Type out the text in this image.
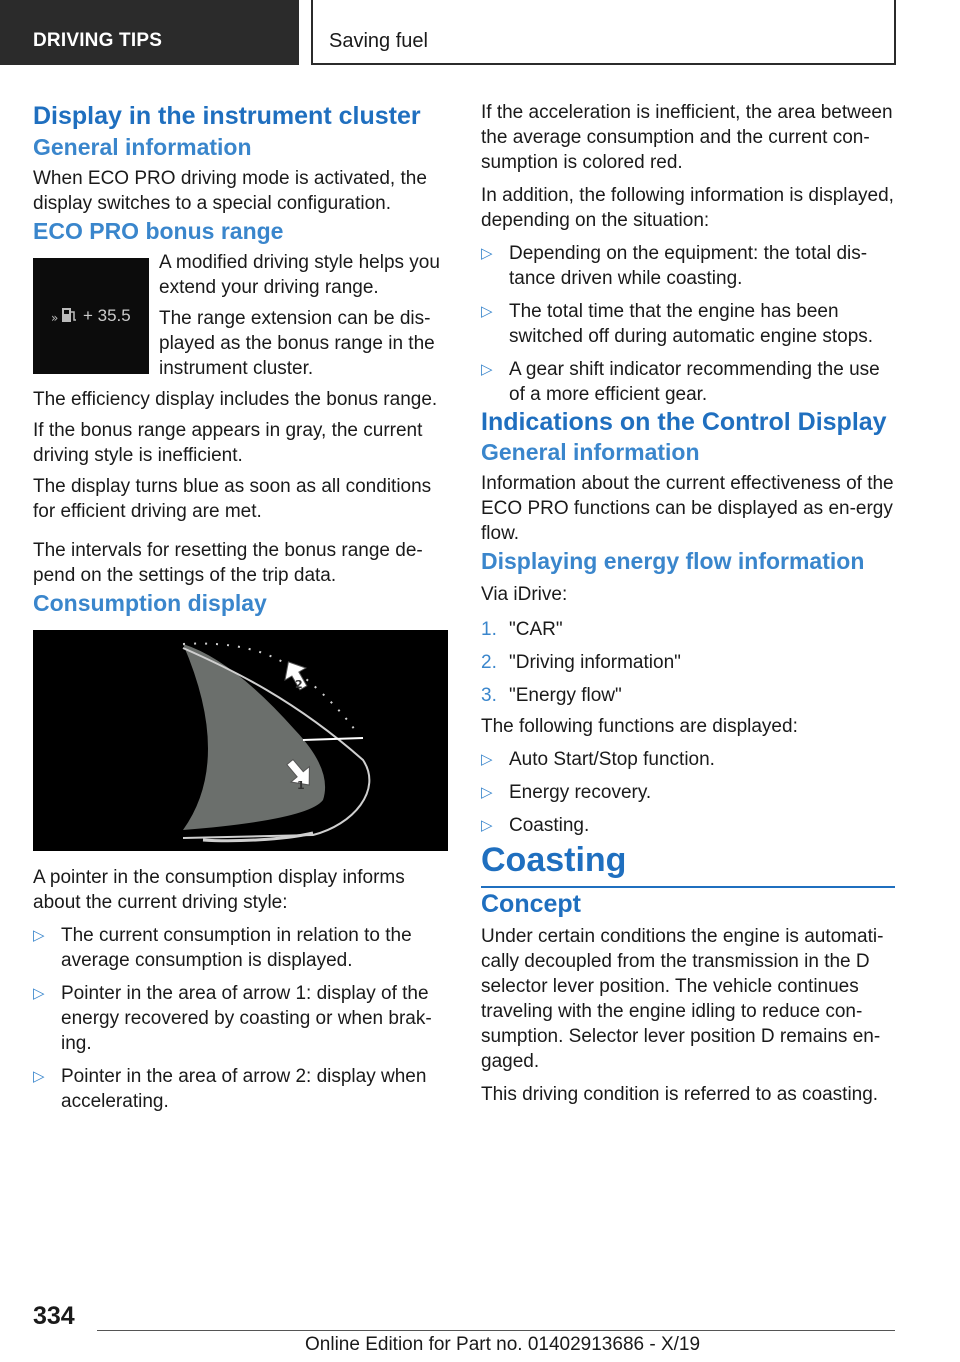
DRIVING TIPS	Saving fuel
Display in the instrument cluster
General information

When ECO PRO driving mode is activated, the display switches to a special configuration.

ECO PRO bonus range
» + 35.5

A modified driving style helps you extend your driving range.

The range extension can be dis-played as the bonus range in the instrument cluster.

The efficiency display includes the bonus range.

If the bonus range appears in gray, the current driving style is inefficient.

The display turns blue as soon as all conditions for efficient driving are met.

The intervals for resetting the bonus range de-pend on the settings of the trip data.

Consumption display
2
1

A pointer in the consumption display informs about the current driving style:

▷ The current consumption in relation to the average consumption is displayed.
▷ Pointer in the area of arrow 1: display of the energy recovered by coasting or when brak-ing.
▷ Pointer in the area of arrow 2: display when accelerating.

If the acceleration is inefficient, the area between the average consumption and the current con-sumption is colored red.

In addition, the following information is displayed, depending on the situation:

▷ Depending on the equipment: the total dis-tance driven while coasting.
▷ The total time that the engine has been switched off during automatic engine stops.
▷ A gear shift indicator recommending the use of a more efficient gear.
Indications on the Control Display
General information

Information about the current effectiveness of the ECO PRO functions can be displayed as en-ergy flow.

Displaying energy flow information

Via iDrive:

1. "CAR"
2. "Driving information"
3. "Energy flow"

The following functions are displayed:

▷ Auto Start/Stop function.
▷ Energy recovery.
▷ Coasting.
Coasting
Concept

Under certain conditions the engine is automati-cally decoupled from the transmission in the D selector lever position. The vehicle continues traveling with the engine idling to reduce con-sumption. Selector lever position D remains en-gaged.

This driving condition is referred to as coasting.

334
Online Edition for Part no. 01402913686 - X/19
